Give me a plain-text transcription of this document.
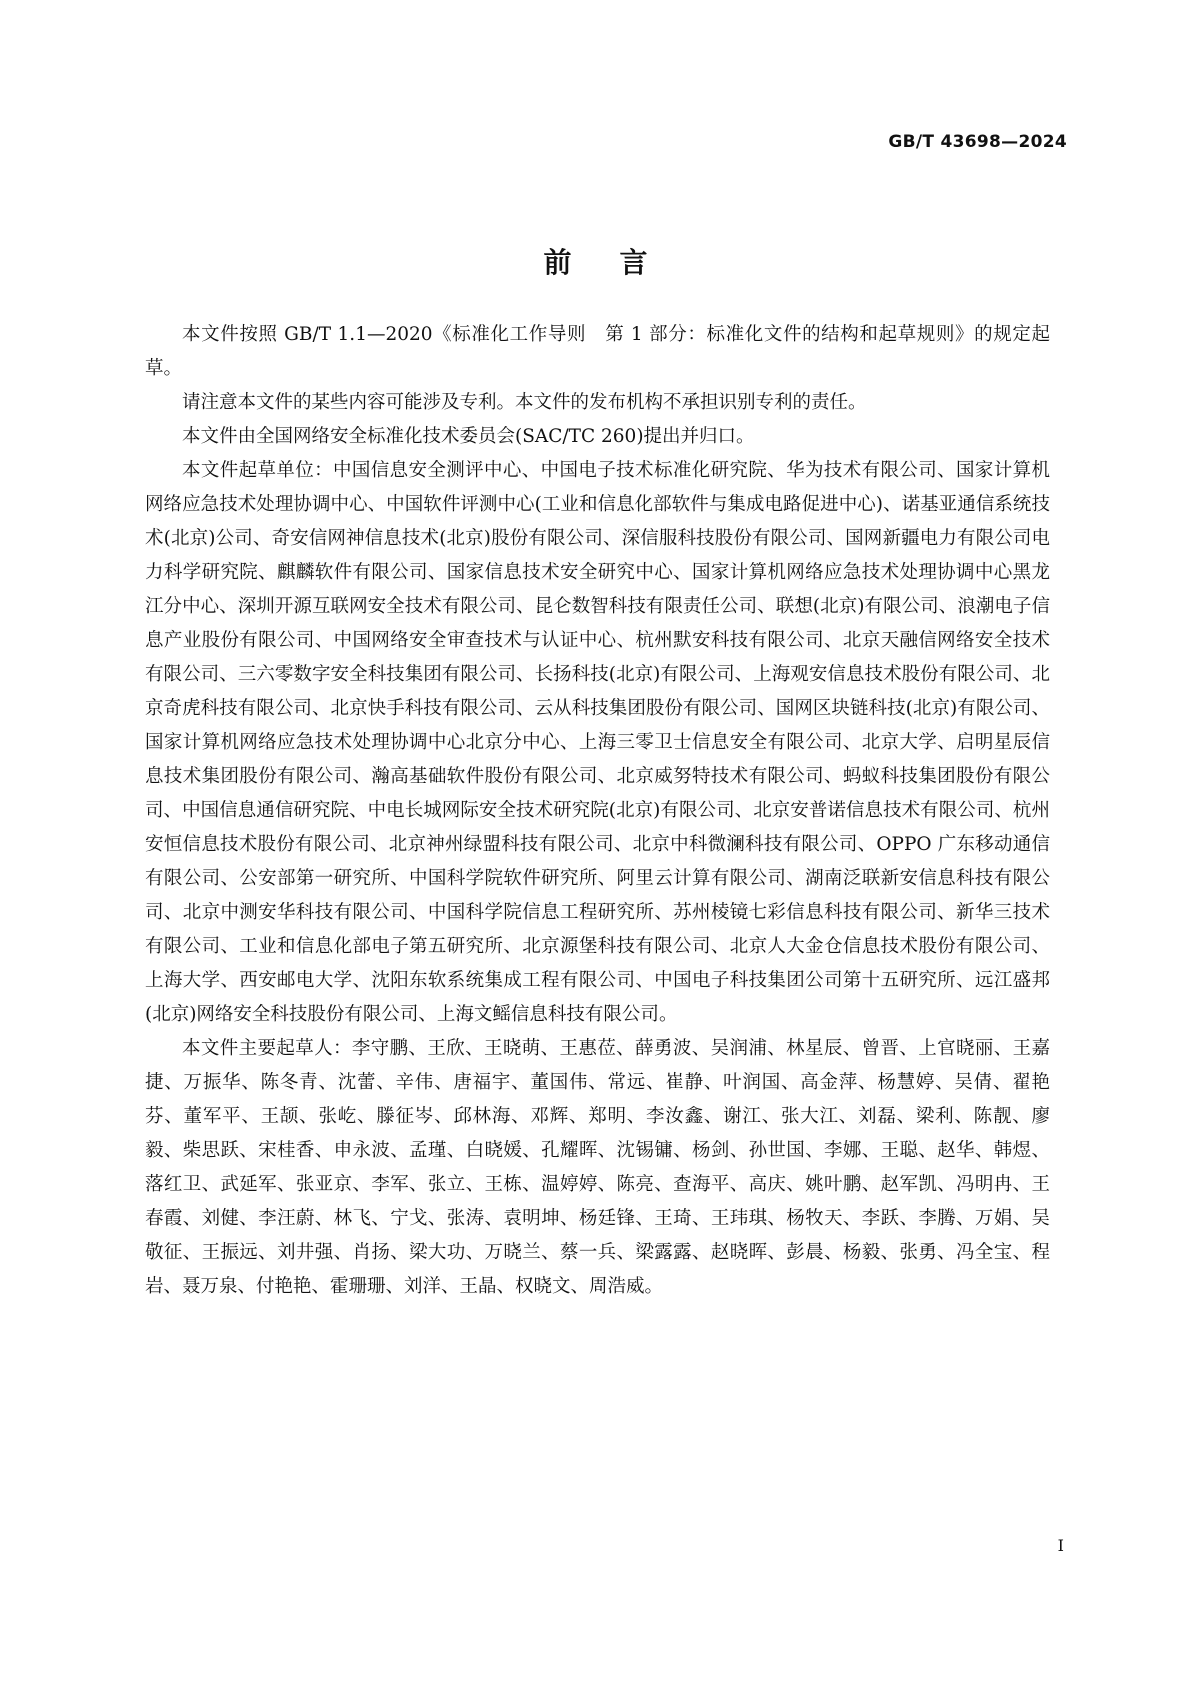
GB/T 43698—2024
前言

本文件按照 GB/T 1.1—2020《标准化工作导则　第 1 部分：标准化文件的结构和起草规则》的规定起草。

请注意本文件的某些内容可能涉及专利。本文件的发布机构不承担识别专利的责任。

本文件由全国网络安全标准化技术委员会(SAC/TC 260)提出并归口。

本文件起草单位：中国信息安全测评中心、中国电子技术标准化研究院、华为技术有限公司、国家计算机网络应急技术处理协调中心、中国软件评测中心(工业和信息化部软件与集成电路促进中心)、诺基亚通信系统技术(北京)公司、奇安信网神信息技术(北京)股份有限公司、深信服科技股份有限公司、国网新疆电力有限公司电力科学研究院、麒麟软件有限公司、国家信息技术安全研究中心、国家计算机网络应急技术处理协调中心黑龙江分中心、深圳开源互联网安全技术有限公司、昆仑数智科技有限责任公司、联想(北京)有限公司、浪潮电子信息产业股份有限公司、中国网络安全审查技术与认证中心、杭州默安科技有限公司、北京天融信网络安全技术有限公司、三六零数字安全科技集团有限公司、长扬科技(北京)有限公司、上海观安信息技术股份有限公司、北京奇虎科技有限公司、北京快手科技有限公司、云从科技集团股份有限公司、国网区块链科技(北京)有限公司、国家计算机网络应急技术处理协调中心北京分中心、上海三零卫士信息安全有限公司、北京大学、启明星辰信息技术集团股份有限公司、瀚高基础软件股份有限公司、北京威努特技术有限公司、蚂蚁科技集团股份有限公司、中国信息通信研究院、中电长城网际安全技术研究院(北京)有限公司、北京安普诺信息技术有限公司、杭州安恒信息技术股份有限公司、北京神州绿盟科技有限公司、北京中科微澜科技有限公司、OPPO 广东移动通信有限公司、公安部第一研究所、中国科学院软件研究所、阿里云计算有限公司、湖南泛联新安信息科技有限公司、北京中测安华科技有限公司、中国科学院信息工程研究所、苏州棱镜七彩信息科技有限公司、新华三技术有限公司、工业和信息化部电子第五研究所、北京源堡科技有限公司、北京人大金仓信息技术股份有限公司、上海大学、西安邮电大学、沈阳东软系统集成工程有限公司、中国电子科技集团公司第十五研究所、远江盛邦(北京)网络安全科技股份有限公司、上海文鳐信息科技有限公司。

本文件主要起草人：李守鹏、王欣、王晓萌、王惠莅、薛勇波、吴润浦、林星辰、曾晋、上官晓丽、王嘉捷、万振华、陈冬青、沈蕾、辛伟、唐福宇、董国伟、常远、崔静、叶润国、高金萍、杨慧婷、吴倩、翟艳芬、董军平、王颉、张屹、滕征岑、邱林海、邓辉、郑明、李汝鑫、谢江、张大江、刘磊、梁利、陈靓、廖毅、柴思跃、宋桂香、申永波、孟瑾、白晓媛、孔耀晖、沈锡镛、杨剑、孙世国、李娜、王聪、赵华、韩煜、落红卫、武延军、张亚京、李军、张立、王栋、温婷婷、陈亮、查海平、高庆、姚叶鹏、赵军凯、冯明冉、王春霞、刘健、李汪蔚、林飞、宁戈、张涛、袁明坤、杨廷锋、王琦、王玮琪、杨牧天、李跃、李腾、万娟、吴敬征、王振远、刘井强、肖扬、梁大功、万晓兰、蔡一兵、梁露露、赵晓晖、彭晨、杨毅、张勇、冯全宝、程岩、聂万泉、付艳艳、霍珊珊、刘洋、王晶、权晓文、周浩威。

I
